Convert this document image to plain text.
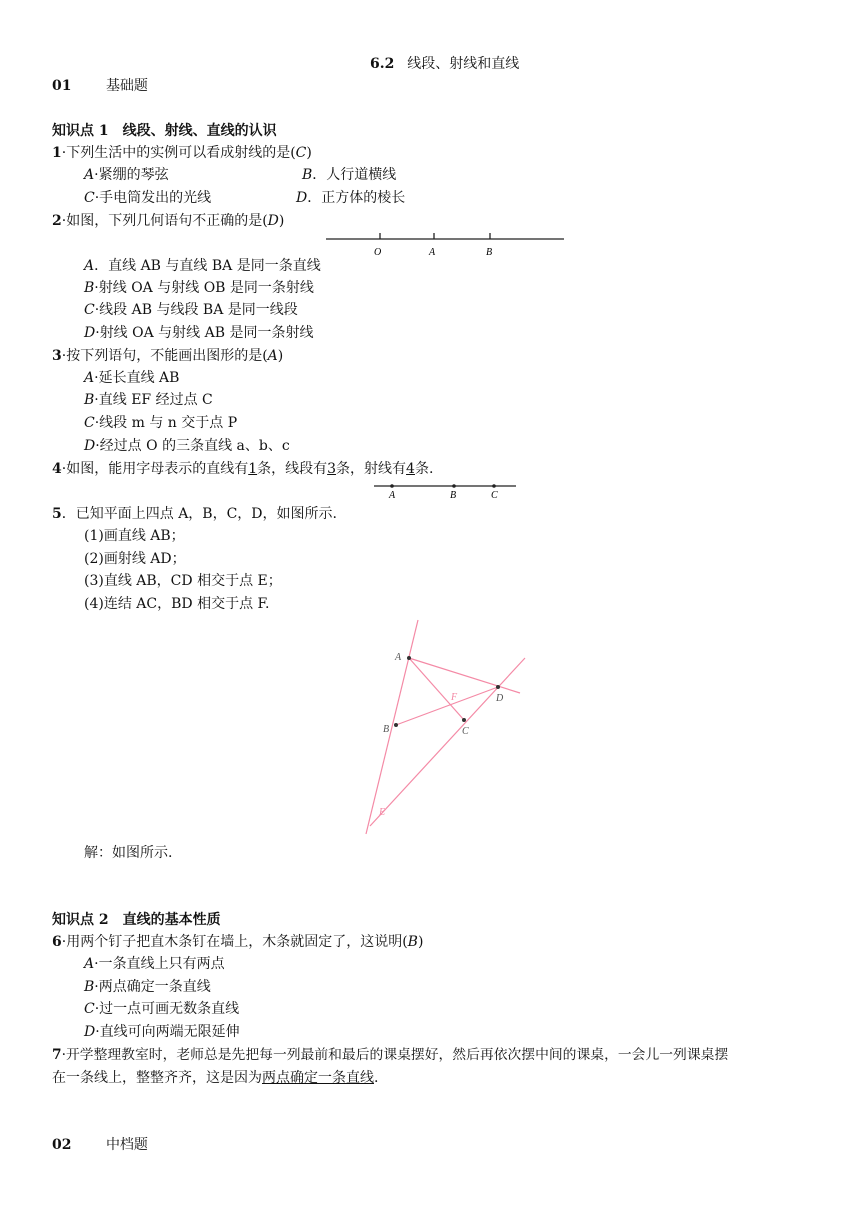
6.2 线段、射线和直线
01 基础题
知识点 1　线段、射线、直线的认识
1·下列生活中的实例可以看成射线的是(C)
A·紧绷的琴弦	B．人行道横线
C·手电筒发出的光线	D．正方体的棱长
2·如图，下列几何语句不正确的是(D)
O	A	B
A．直线 AB 与直线 BA 是同一条直线
B·射线 OA 与射线 OB 是同一条射线
C·线段 AB 与线段 BA 是同一线段
D·射线 OA 与射线 AB 是同一条射线
3·按下列语句，不能画出图形的是(A)
A·延长直线 AB
B·直线 EF 经过点 C
C·线段 m 与 n 交于点 P
D·经过点 O 的三条直线 a、b、c
4·如图，能用字母表示的直线有1条，线段有3条，射线有4条.
A	B	C
5．已知平面上四点 A，B，C，D，如图所示.
(1)画直线 AB；
(2)画射线 AD；
(3)直线 AB，CD 相交于点 E；
(4)连结 AC，BD 相交于点 F.
A
B	C
D
E
F
解：如图所示.
知识点 2　直线的基本性质
6·用两个钉子把直木条钉在墙上，木条就固定了，这说明(B)
A·一条直线上只有两点
B·两点确定一条直线
C·过一点可画无数条直线
D·直线可向两端无限延伸
7·开学整理教室时，老师总是先把每一列最前和最后的课桌摆好，然后再依次摆中间的课桌，一会儿一列课桌摆
在一条线上，整整齐齐，这是因为两点确定一条直线.
02 中档题
